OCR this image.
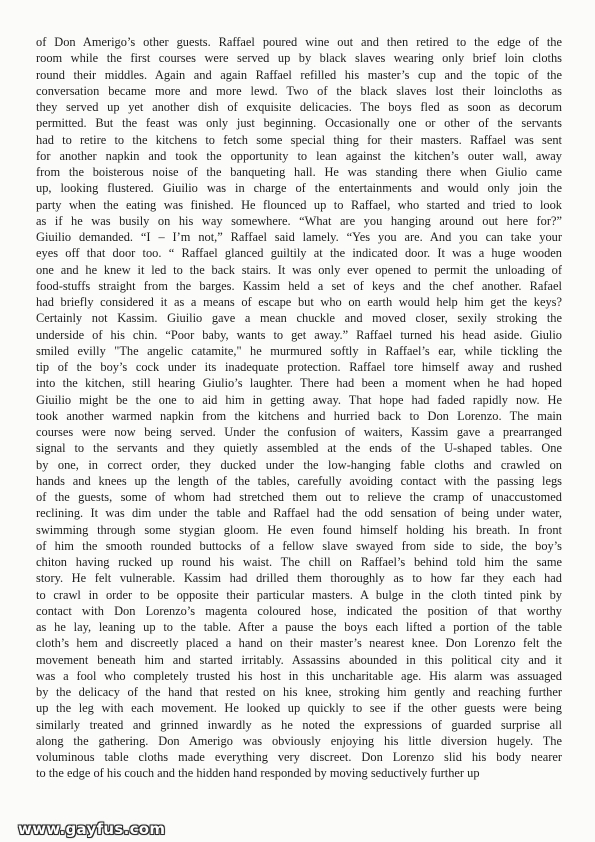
of Don Amerigo’s other guests. Raffael poured wine out and then retired to the edge of the
room while the first courses were served up by black slaves wearing only brief loin cloths
round their middles. Again and again Raffael refilled his master’s cup and the topic of the
conversation became more and more lewd. Two of the black slaves lost their loincloths as
they served up yet another dish of exquisite delicacies. The boys fled as soon as decorum
permitted. But the feast was only just beginning. Occasionally one or other of the servants
had to retire to the kitchens to fetch some special thing for their masters. Raffael was sent
for another napkin and took the opportunity to lean against the kitchen’s outer wall, away
from the boisterous noise of the banqueting hall. He was standing there when Giulio came
up, looking flustered. Giuilio was in charge of the entertainments and would only join the
party when the eating was finished. He flounced up to Raffael, who started and tried to look
as if he was busily on his way somewhere. “What are you hanging around out here for?”
Giuilio demanded. “I – I’m not,” Raffael said lamely. “Yes you are. And you can take your
eyes off that door too. “ Raffael glanced guiltily at the indicated door. It was a huge wooden
one and he knew it led to the back stairs. It was only ever opened to permit the unloading of
food-stuffs straight from the barges. Kassim held a set of keys and the chef another. Rafael
had briefly considered it as a means of escape but who on earth would help him get the keys?
Certainly not Kassim. Giuilio gave a mean chuckle and moved closer, sexily stroking the
underside of his chin. “Poor baby, wants to get away.” Raffael turned his head aside. Giulio
smiled evilly "The angelic catamite," he murmured softly in Raffael’s ear, while tickling the
tip of the boy’s cock under its inadequate protection. Raffael tore himself away and rushed
into the kitchen, still hearing Giulio’s laughter. There had been a moment when he had hoped
Giuilio might be the one to aid him in getting away. That hope had faded rapidly now. He
took another warmed napkin from the kitchens and hurried back to Don Lorenzo. The main
courses were now being served. Under the confusion of waiters, Kassim gave a prearranged
signal to the servants and they quietly assembled at the ends of the U-shaped tables. One
by one, in correct order, they ducked under the low-hanging fable cloths and crawled on
hands and knees up the length of the tables, carefully avoiding contact with the passing legs
of the guests, some of whom had stretched them out to relieve the cramp of unaccustomed
reclining. It was dim under the table and Raffael had the odd sensation of being under water,
swimming through some stygian gloom. He even found himself holding his breath. In front
of him the smooth rounded buttocks of a fellow slave swayed from side to side, the boy’s
chiton having rucked up round his waist. The chill on Raffael’s behind told him the same
story. He felt vulnerable. Kassim had drilled them thoroughly as to how far they each had
to crawl in order to be opposite their particular masters. A bulge in the cloth tinted pink by
contact with Don Lorenzo’s magenta coloured hose, indicated the position of that worthy
as he lay, leaning up to the table. After a pause the boys each lifted a portion of the table
cloth’s hem and discreetly placed a hand on their master’s nearest knee. Don Lorenzo felt the
movement beneath him and started irritably. Assassins abounded in this political city and it
was a fool who completely trusted his host in this uncharitable age. His alarm was assuaged
by the delicacy of the hand that rested on his knee, stroking him gently and reaching further
up the leg with each movement. He looked up quickly to see if the other guests were being
similarly treated and grinned inwardly as he noted the expressions of guarded surprise all
along the gathering. Don Amerigo was obviously enjoying his little diversion hugely. The
voluminous table cloths made everything very discreet. Don Lorenzo slid his body nearer
to the edge of his couch and the hidden hand responded by moving seductively further up
www.gayfus.com
